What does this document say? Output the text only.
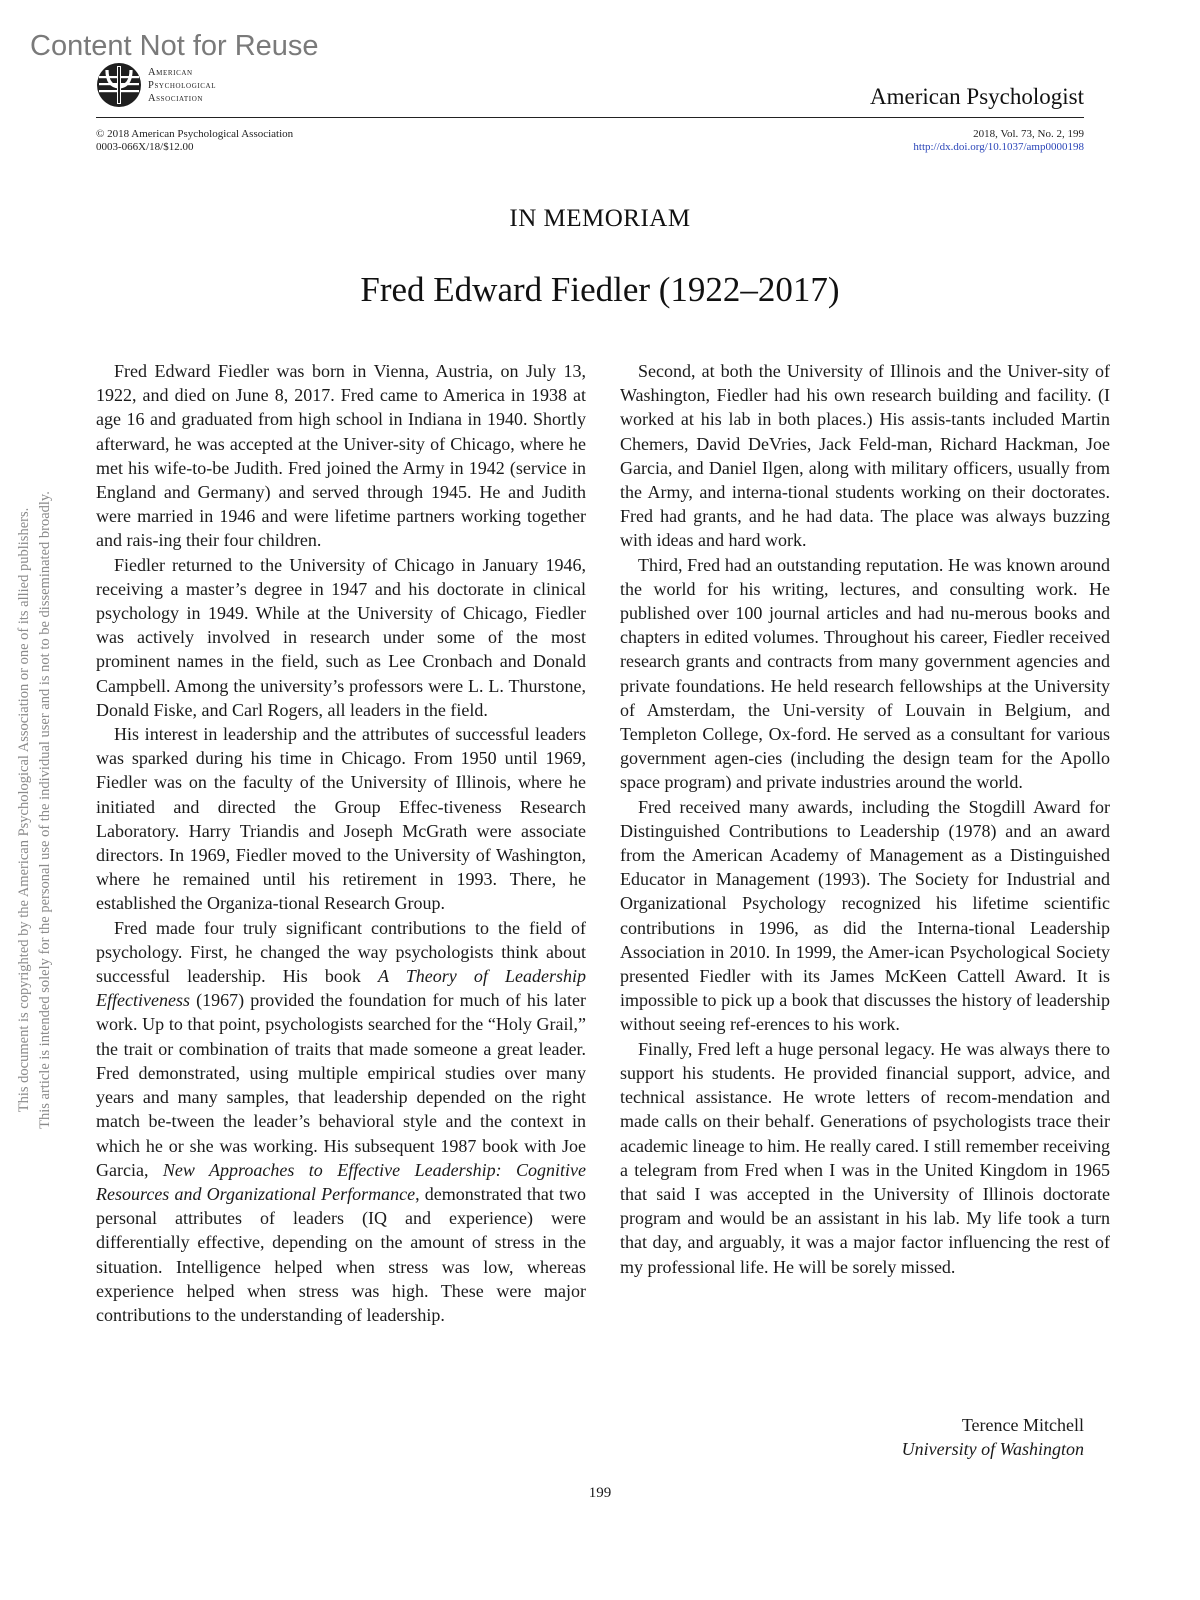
Content Not for Reuse
This document is copyrighted by the American Psychological Association or one of its allied publishers. This article is intended solely for the personal use of the individual user and is not to be disseminated broadly.
American
Psychological
Association	American Psychologist
© 2018 American Psychological Association
0003-066X/18/$12.00
2018, Vol. 73, No. 2, 199
http://dx.doi.org/10.1037/amp0000198
IN MEMORIAM
Fred Edward Fiedler (1922–2017)

Fred Edward Fiedler was born in Vienna, Austria, on July 13, 1922, and died on June 8, 2017. Fred came to America in 1938 at age 16 and graduated from high school in Indiana in 1940. Shortly afterward, he was accepted at the Univer-sity of Chicago, where he met his wife-to-be Judith. Fred joined the Army in 1942 (service in England and Germany) and served through 1945. He and Judith were married in 1946 and were lifetime partners working together and rais-ing their four children.

Fiedler returned to the University of Chicago in January 1946, receiving a master’s degree in 1947 and his doctorate in clinical psychology in 1949. While at the University of Chicago, Fiedler was actively involved in research under some of the most prominent names in the field, such as Lee Cronbach and Donald Campbell. Among the university’s professors were L. L. Thurstone, Donald Fiske, and Carl Rogers, all leaders in the field.

His interest in leadership and the attributes of successful leaders was sparked during his time in Chicago. From 1950 until 1969, Fiedler was on the faculty of the University of Illinois, where he initiated and directed the Group Effec-tiveness Research Laboratory. Harry Triandis and Joseph McGrath were associate directors. In 1969, Fiedler moved to the University of Washington, where he remained until his retirement in 1993. There, he established the Organiza-tional Research Group.

Fred made four truly significant contributions to the field of psychology. First, he changed the way psychologists think about successful leadership. His book A Theory of Leadership Effectiveness (1967) provided the foundation for much of his later work. Up to that point, psychologists searched for the “Holy Grail,” the trait or combination of traits that made someone a great leader. Fred demonstrated, using multiple empirical studies over many years and many samples, that leadership depended on the right match be-tween the leader’s behavioral style and the context in which he or she was working. His subsequent 1987 book with Joe Garcia, New Approaches to Effective Leadership: Cognitive Resources and Organizational Performance, demonstrated that two personal attributes of leaders (IQ and experience) were differentially effective, depending on the amount of stress in the situation. Intelligence helped when stress was low, whereas experience helped when stress was high. These were major contributions to the understanding of leadership.

Second, at both the University of Illinois and the Univer-sity of Washington, Fiedler had his own research building and facility. (I worked at his lab in both places.) His assis-tants included Martin Chemers, David DeVries, Jack Feld-man, Richard Hackman, Joe Garcia, and Daniel Ilgen, along with military officers, usually from the Army, and interna-tional students working on their doctorates. Fred had grants, and he had data. The place was always buzzing with ideas and hard work.

Third, Fred had an outstanding reputation. He was known around the world for his writing, lectures, and consulting work. He published over 100 journal articles and had nu-merous books and chapters in edited volumes. Throughout his career, Fiedler received research grants and contracts from many government agencies and private foundations. He held research fellowships at the University of Amsterdam, the Uni-versity of Louvain in Belgium, and Templeton College, Ox-ford. He served as a consultant for various government agen-cies (including the design team for the Apollo space program) and private industries around the world.

Fred received many awards, including the Stogdill Award for Distinguished Contributions to Leadership (1978) and an award from the American Academy of Management as a Distinguished Educator in Management (1993). The Society for Industrial and Organizational Psychology recognized his lifetime scientific contributions in 1996, as did the Interna-tional Leadership Association in 2010. In 1999, the Amer-ican Psychological Society presented Fiedler with its James McKeen Cattell Award. It is impossible to pick up a book that discusses the history of leadership without seeing ref-erences to his work.

Finally, Fred left a huge personal legacy. He was always there to support his students. He provided financial support, advice, and technical assistance. He wrote letters of recom-mendation and made calls on their behalf. Generations of psychologists trace their academic lineage to him. He really cared. I still remember receiving a telegram from Fred when I was in the United Kingdom in 1965 that said I was accepted in the University of Illinois doctorate program and would be an assistant in his lab. My life took a turn that day, and arguably, it was a major factor influencing the rest of my professional life. He will be sorely missed.

Terence Mitchell
University of Washington
199
